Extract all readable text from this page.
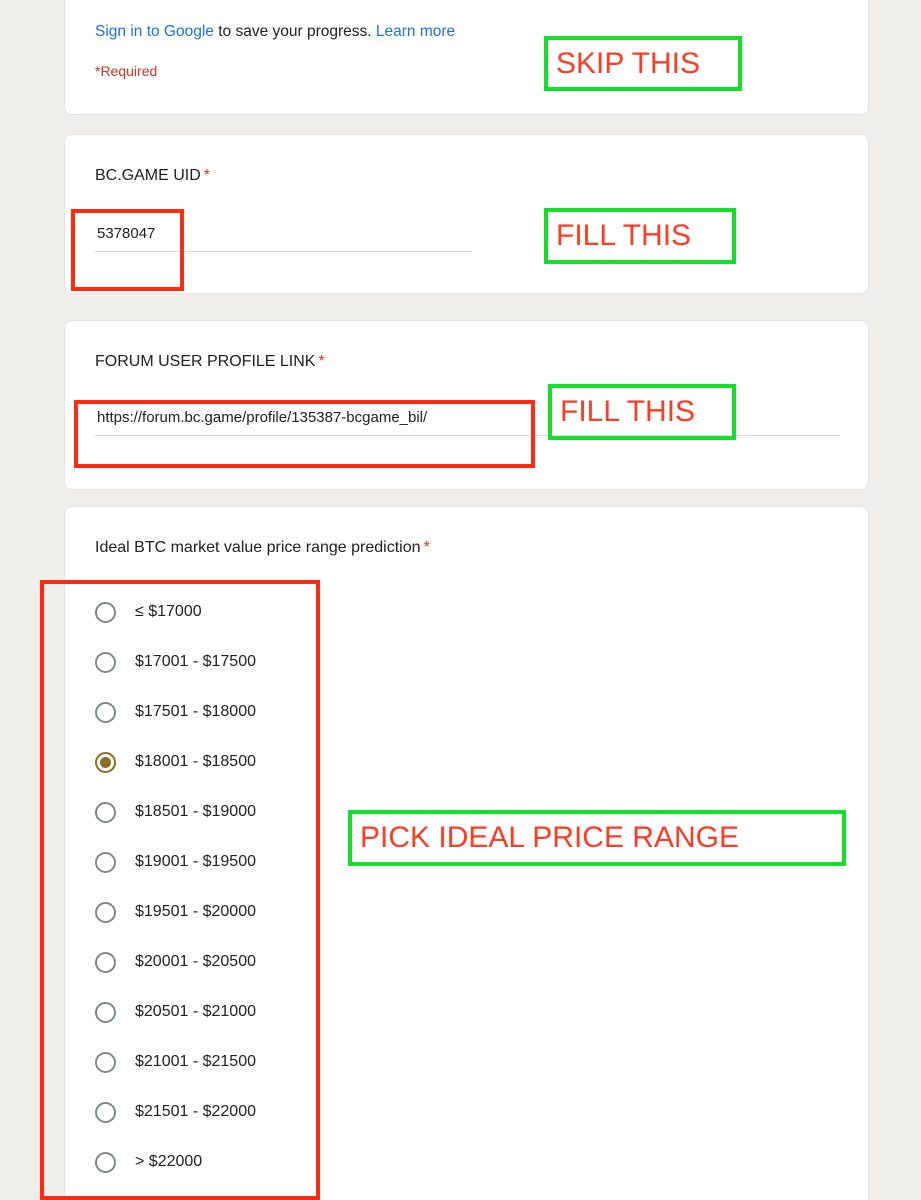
Sign in to Google to save your progress. Learn more
*Required
BC.GAME UID *
5378047
FORUM USER PROFILE LINK *
https://forum.bc.game/profile/135387-bcgame_bil/
Ideal BTC market value price range prediction *
≤ $17000
$17001 - $17500
$17501 - $18000
$18001 - $18500
$18501 - $19000
$19001 - $19500
$19501 - $20000
$20001 - $20500
$20501 - $21000
$21001 - $21500
$21501 - $22000
> $22000
SKIP THIS
FILL THIS
FILL THIS
PICK IDEAL PRICE RANGE
